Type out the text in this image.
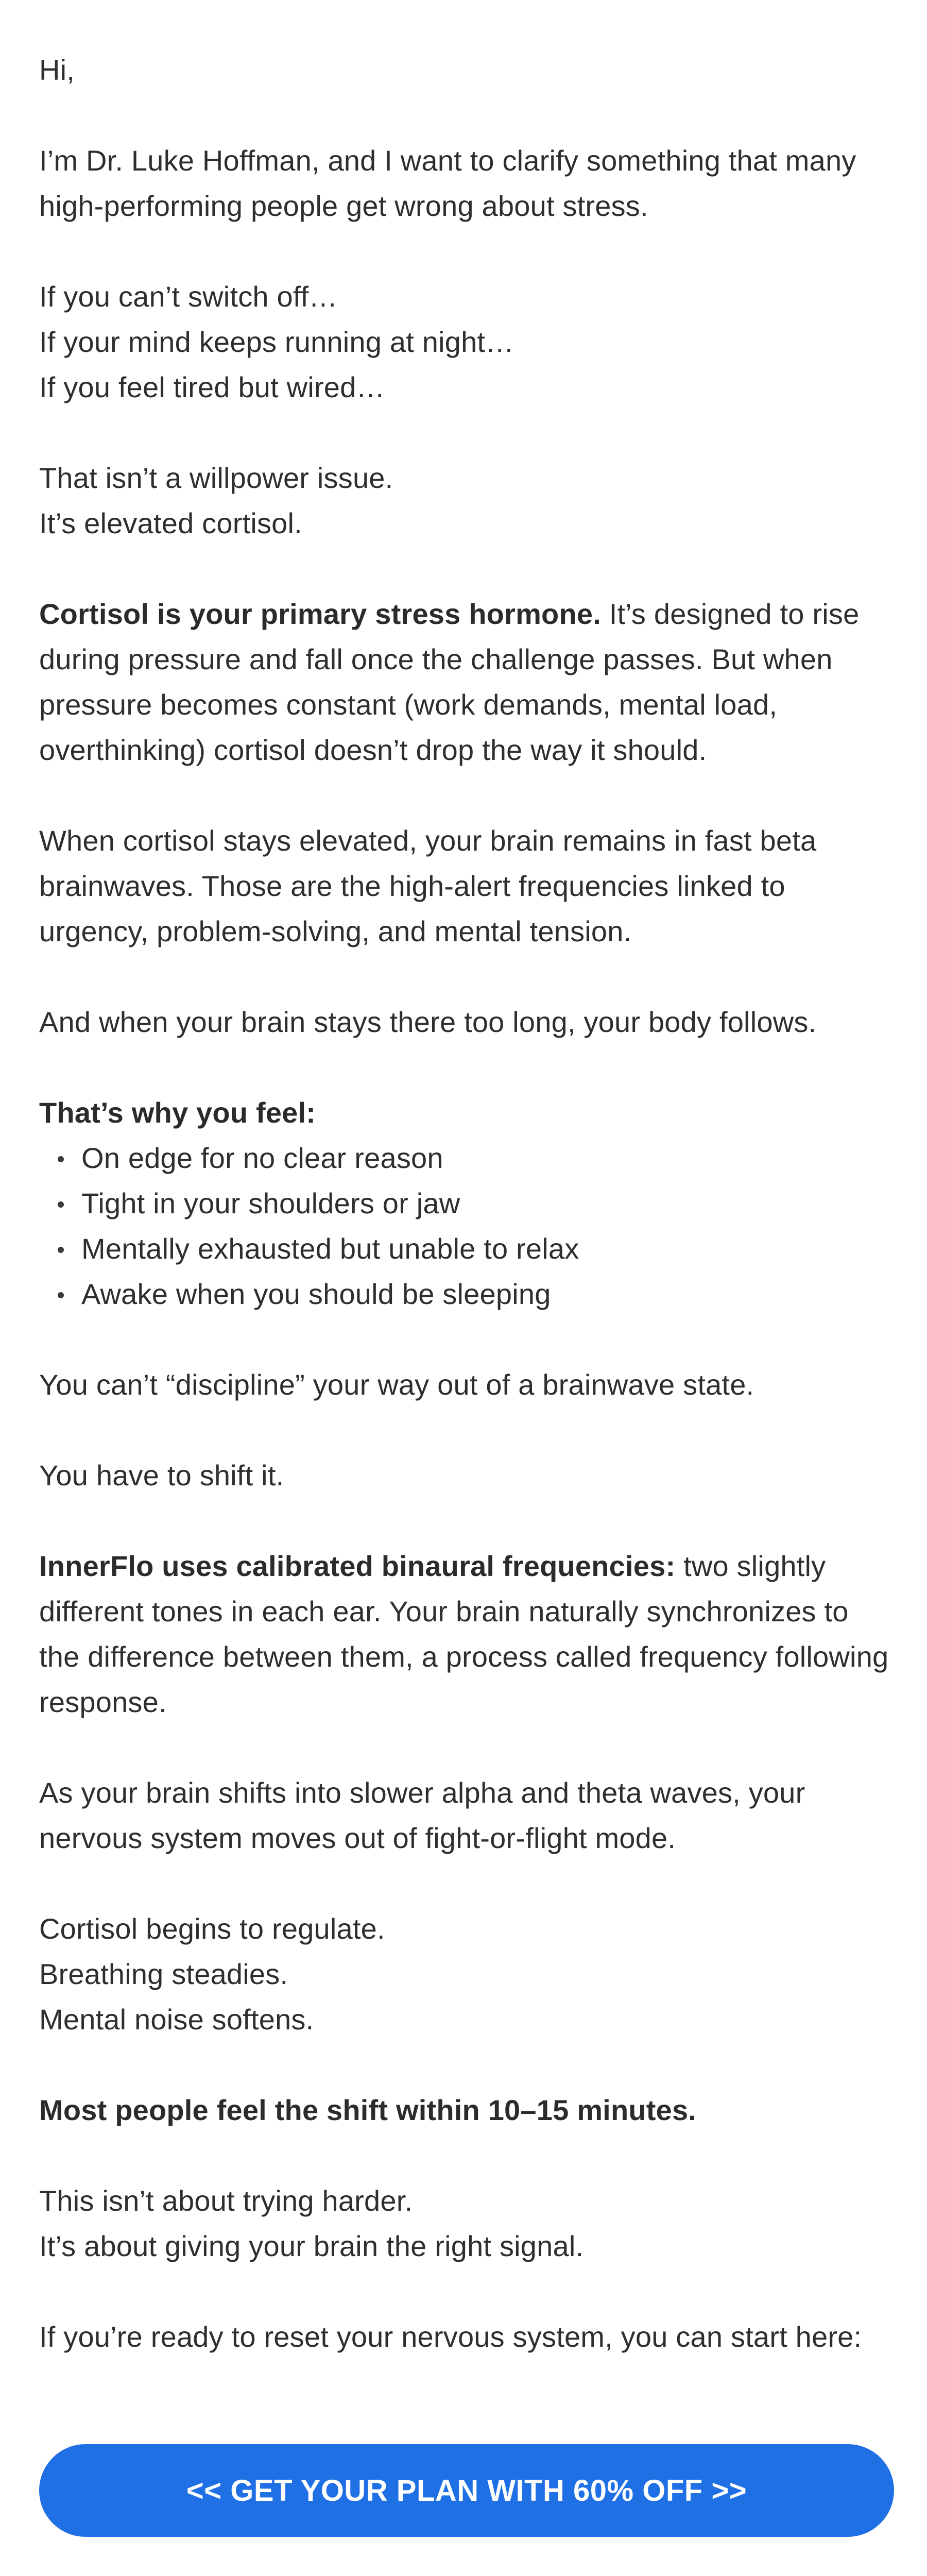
Hi,

I’m Dr. Luke Hoffman, and I want to clarify something that many high-performing people get wrong about stress.

If you can’t switch off…
If your mind keeps running at night…
If you feel tired but wired…

That isn’t a willpower issue.
It’s elevated cortisol.

Cortisol is your primary stress hormone. It’s designed to rise during pressure and fall once the challenge passes. But when pressure becomes constant (work demands, mental load, overthinking) cortisol doesn’t drop the way it should.

When cortisol stays elevated, your brain remains in fast beta brainwaves. Those are the high-alert frequencies linked to urgency, problem-solving, and mental tension.

And when your brain stays there too long, your body follows.

That’s why you feel:
On edge for no clear reason
Tight in your shoulders or jaw
Mentally exhausted but unable to relax
Awake when you should be sleeping

You can’t “discipline” your way out of a brainwave state.

You have to shift it.

InnerFlo uses calibrated binaural frequencies: two slightly different tones in each ear. Your brain naturally synchronizes to the difference between them, a process called frequency following response.

As your brain shifts into slower alpha and theta waves, your nervous system moves out of fight-or-flight mode.

Cortisol begins to regulate.
Breathing steadies.
Mental noise softens.

Most people feel the shift within 10–15 minutes.

This isn’t about trying harder.
It’s about giving your brain the right signal.

If you’re ready to reset your nervous system, you can start here:

<< GET YOUR PLAN WITH 60% OFF >>
